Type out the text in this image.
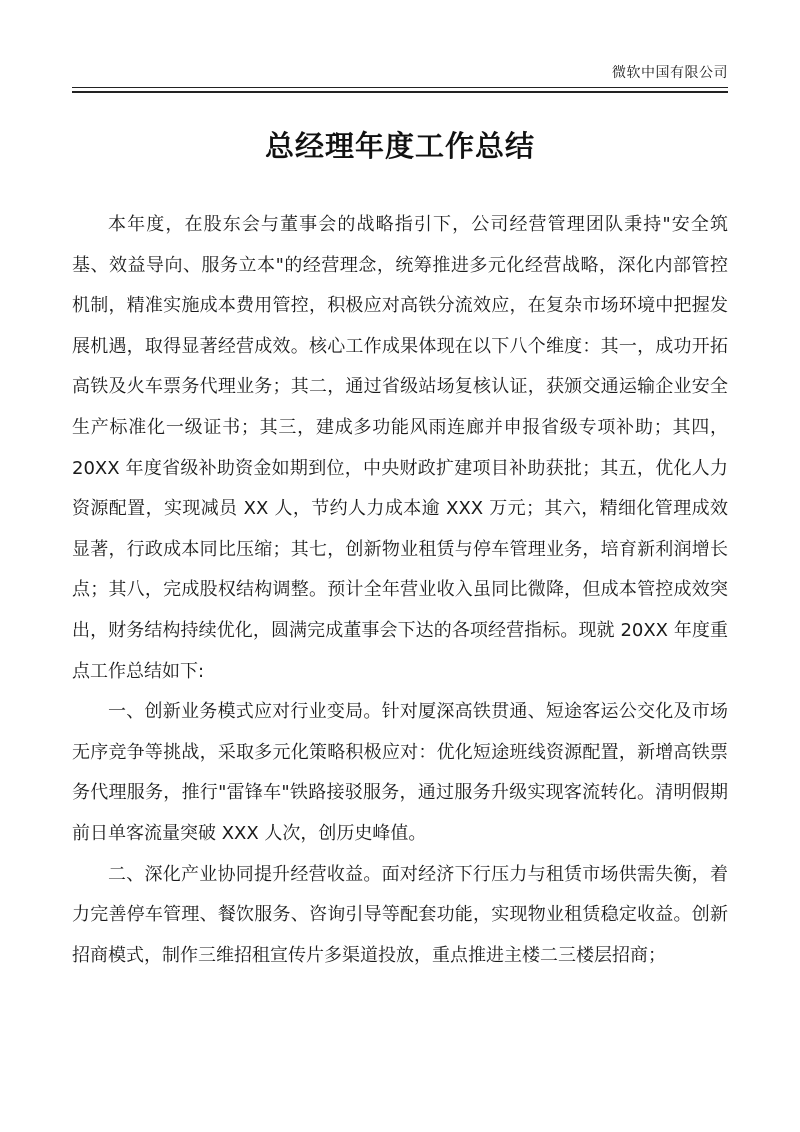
微软中国有限公司
总经理年度工作总结

本年度，在股东会与董事会的战略指引下，公司经营管理团队秉持"安全筑基、效益导向、服务立本"的经营理念，统筹推进多元化经营战略，深化内部管控机制，精准实施成本费用管控，积极应对高铁分流效应，在复杂市场环境中把握发展机遇，取得显著经营成效。核心工作成果体现在以下八个维度：其一，成功开拓高铁及火车票务代理业务；其二，通过省级站场复核认证，获颁交通运输企业安全生产标准化一级证书；其三，建成多功能风雨连廊并申报省级专项补助；其四，20XX 年度省级补助资金如期到位，中央财政扩建项目补助获批；其五，优化人力资源配置，实现减员 XX 人，节约人力成本逾 XXX 万元；其六，精细化管理成效显著，行政成本同比压缩；其七，创新物业租赁与停车管理业务，培育新利润增长点；其八，完成股权结构调整。预计全年营业收入虽同比微降，但成本管控成效突出，财务结构持续优化，圆满完成董事会下达的各项经营指标。现就 20XX 年度重点工作总结如下:

一、创新业务模式应对行业变局。针对厦深高铁贯通、短途客运公交化及市场无序竞争等挑战，采取多元化策略积极应对：优化短途班线资源配置，新增高铁票务代理服务，推行"雷锋车"铁路接驳服务，通过服务升级实现客流转化。清明假期前日单客流量突破 XXX 人次，创历史峰值。

二、深化产业协同提升经营收益。面对经济下行压力与租赁市场供需失衡，着力完善停车管理、餐饮服务、咨询引导等配套功能，实现物业租赁稳定收益。创新招商模式，制作三维招租宣传片多渠道投放，重点推进主楼二三楼层招商；
